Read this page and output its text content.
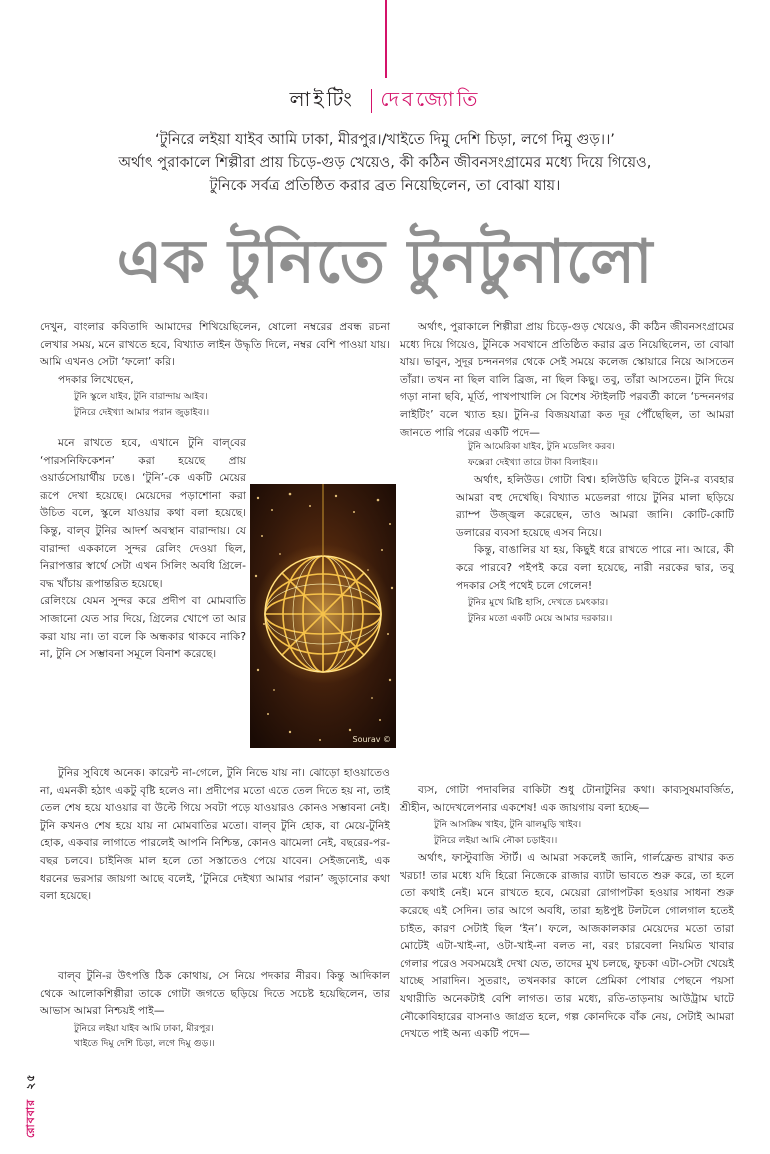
লাইটিং দেবজ্যোতি

‘টুনিরে লইয়া যাইব আমি ঢাকা, মীরপুর।/খাইতে দিমু দেশি চিড়া, লগে দিমু গুড়।।’

অর্থাৎ পুরাকালে শিল্পীরা প্রায় চিড়ে-গুড় খেয়েও, কী কঠিন জীবনসংগ্রামের মধ্যে দিয়ে গিয়েও,

টুনিকে সর্বত্র প্রতিষ্ঠিত করার ব্রত নিয়েছিলেন, তা বোঝা যায়।

এক টুনিতে টুনটুনালো

দেখুন, বাংলার কবিতাদি আমাদের শিখিয়েছিলেন, ষোলো নম্বরের প্রবন্ধ রচনা লেখার সময়, মনে রাখতে হবে, বিখ্যাত লাইন উদ্ধৃতি দিলে, নম্বর বেশি পাওয়া যায়। আমি এখনও সেটা ‘ফলো’ করি।

পদকার লিখেছেন,

টুনি স্কুলে যাইব, টুনি বারান্দায় আইব।
টুনিরে দেইখ্যা আমার পরান জুড়াইব।।

মনে রাখতে হবে, এখানে টুনি বাল্‌বের ‘পারসনিফিকেশন’ করা হয়েছে প্রায় ওয়ার্ডসোয়ার্থীয় ঢঙে। ‘টুনি’-কে একটি মেয়ের রূপে দেখা হয়েছে। মেয়েদের পড়াশোনা করা উচিত বলে, স্কুলে যাওয়ার কথা বলা হয়েছে। কিন্তু, বাল্‌ব টুনির আদর্শ অবস্থান বারান্দায়। যে বারান্দা এককালে সুন্দর রেলিং দেওয়া ছিল, নিরাপত্তার স্বার্থে সেটা এখন সিলিং অবধি গ্রিলে-বদ্ধ খাঁচায় রূপান্তরিত হয়েছে।

রেলিংয়ে যেমন সুন্দর করে প্রদীপ বা মোমবাতি সাজানো যেত সার দিয়ে, গ্রিলের খোপে তা আর করা যায় না। তা বলে কি অন্ধকার থাকবে নাকি? না, টুনি সে সম্ভাবনা সমূলে বিনাশ করেছে।

টুনির সুবিধে অনেক। কারেন্ট না-গেলে, টুনি নিভে যায় না। ঝোড়ো হাওয়াতেও না, এমনকী হঠাৎ একটু বৃষ্টি হলেও না। প্রদীপের মতো এতে তেল দিতে হয় না, তাই তেল শেষ হয়ে যাওয়ার বা উল্টে গিয়ে সবটা পড়ে যাওয়ারও কোনও সম্ভাবনা নেই। টুনি কখনও শেষ হয়ে যায় না মোমবাতির মতো। বাল্‌ব টুনি হোক, বা মেয়ে-টুনিই হোক, একবার লাগাতে পারলেই আপনি নিশ্চিন্ত, কোনও ঝামেলা নেই, বছরের-পর-বছর চলবে। চাইনিজ মাল হলে তো সস্তাতেও পেয়ে যাবেন। সেইজন্যেই, এক ধরনের ভরসার জায়গা আছে বলেই, ‘টুনিরে দেইখ্যা আমার পরান’ জুড়ানোর কথা বলা হয়েছে।

বাল্‌ব টুনি-র উৎপত্তি ঠিক কোথায়, সে নিয়ে পদকার নীরব। কিন্তু আদিকাল থেকে আলোকশিল্পীরা তাকে গোটা জগতে ছড়িয়ে দিতে সচেষ্ট হয়েছিলেন, তার আভাস আমরা নিশ্চয়ই পাই—

টুনিরে লইয়া যাইব আমি ঢাকা, মীরপুর।
খাইতে দিমু দেশি চিড়া, লগে দিমু গুড়।।
Sourav ©

অর্থাৎ, পুরাকালে শিল্পীরা প্রায় চিড়ে-গুড় খেয়েও, কী কঠিন জীবনসংগ্রামের মধ্যে দিয়ে গিয়েও, টুনিকে সবখানে প্রতিষ্ঠিত করার ব্রত নিয়েছিলেন, তা বোঝা যায়। ভাবুন, সুদূর চন্দননগর থেকে সেই সময়ে কলেজ স্কোয়ারে নিয়ে আসতেন তাঁরা। তখন না ছিল বালি ব্রিজ, না ছিল কিছু। তবু, তাঁরা আসতেন। টুনি দিয়ে গড়া নানা ছবি, মূর্তি, পাখপাখালি সে বিশেষ স্টাইলটি পরবর্তী কালে ‘চন্দননগর লাইটিং’ বলে খ্যাত হয়। টুনি-র বিজয়যাত্রা কত দূর পৌঁছেছিল, তা আমরা জানতে পারি পরের একটি পদে—

টুনি আমেরিকা যাইব, টুনি মডেলিং করব।
ফক্সেরা দেইখ্যা তারে টাকা বিলাইব।।

অর্থাৎ, হলিউড। গোটা বিশ্ব। হলিউডি ছবিতে টুনি-র ব্যবহার আমরা বহু দেখেছি। বিখ্যাত মডেলরা গায়ে টুনির মালা ছড়িয়ে র‍্যাম্প উজ্জ্বল করেছেন, তাও আমরা জানি। কোটি-কোটি ডলারের ব্যবসা হয়েছে এসব নিয়ে।

কিন্তু, বাঙালির যা হয়, কিছুই ধরে রাখতে পারে না। আরে, কী করে পারবে? পইপই করে বলা হয়েছে, নারী নরকের দ্বার, তবু পদকার সেই পথেই চলে গেলেন!

টুনির মুখে মিষ্টি হাসি, দেখতে চমৎকার।
টুনির মতো একটি মেয়ে আমার দরকার।।

ব্যস, গোটা পদাবলির বাকিটা শুধু টোনাটুনির কথা। কাব্যসুষমাবর্জিত, শ্রীহীন, আদেখলেপনার একশেষ! এক জায়গায় বলা হচ্ছে—

টুনি আসক্রিম খাইব, টুনি ঝালমুড়ি খাইব।
টুনিরে লইয়া আমি নৌকা চড়াইব।।

অর্থাৎ, ফাস্টুবাজি স্টার্ট। এ আমরা সকলেই জানি, গার্লফ্রেন্ড রাখার কত খরচা! তার মধ্যে যদি হিরো নিজেকে রাজার ব্যাটা ভাবতে শুরু করে, তা হলে তো কথাই নেই। মনে রাখতে হবে, মেয়েরা রোগাপটকা হওয়ার সাধনা শুরু করেছে এই সেদিন। তার আগে অবধি, তারা হৃষ্টপুষ্ট টলটলে গোলগাল হতেই চাইত, কারণ সেটাই ছিল ‘ইন’। ফলে, আজকালকার মেয়েদের মতো তারা মোটেই এটা-খাই-না, ওটা-খাই-না বলত না, বরং চারবেলা নিয়মিত খাবার গেলার পরেও সবসময়েই দেখা যেত, তাদের মুখ চলছে, ফুচকা এটা-সেটা খেয়েই যাচ্ছে সারাদিন। সুতরাং, তখনকার কালে প্রেমিকা পোষার পেছনে পয়সা যথারীতি অনেকটাই বেশি লাগত। তার মধ্যে, রতি-তাড়নায় আউট্রাম ঘাটে নৌকোবিহারের বাসনাও জাগ্রত হলে, গল্প কোনদিকে বাঁক নেয়, সেটাই আমরা দেখতে পাই অন্য একটি পদে—

রোববার  ২৫
